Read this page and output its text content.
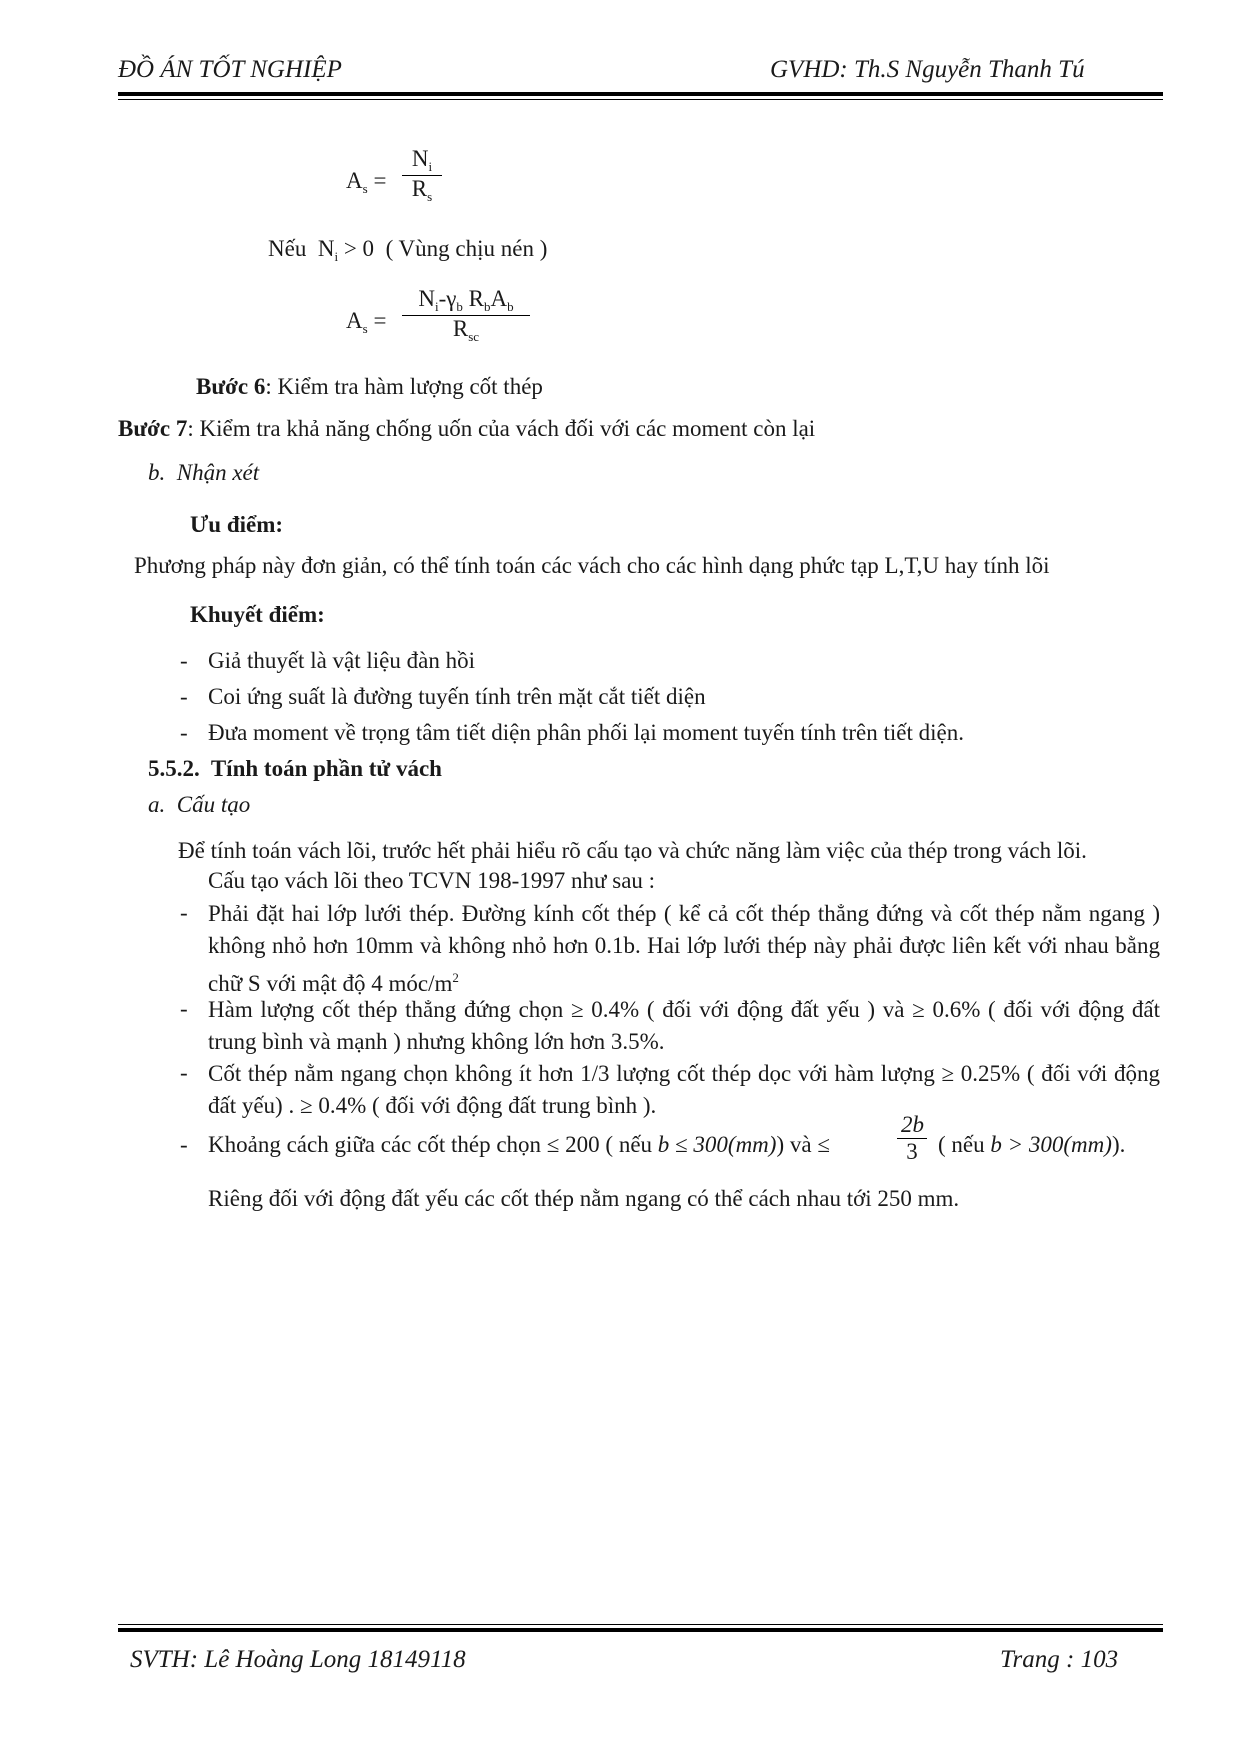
ĐỒ ÁN TỐT NGHIỆP	GVHD: Th.S Nguyễn Thanh Tú
$A_s$ =
$N_i$
$R_s$
Nếu $N_i > 0$ ( Vùng chịu nén )
$A_s$ =
$N_i-\gamma_b$ $R_bA_b$
$R_{sc}$
Bước 6: Kiểm tra hàm lượng cốt thép
Bước 7: Kiểm tra khả năng chống uốn của vách đối với các moment còn lại
b. Nhận xét
Ưu điểm:
Phương pháp này đơn giản, có thể tính toán các vách cho các hình dạng phức tạp L,T,U hay tính lõi
Khuyết điểm:
- Giả thuyết là vật liệu đàn hồi
- Coi ứng suất là đường tuyến tính trên mặt cắt tiết diện
- Đưa moment về trọng tâm tiết diện phân phối lại moment tuyến tính trên tiết diện.
5.5.2. Tính toán phần tử vách
a. Cấu tạo
Để tính toán vách lõi, trước hết phải hiểu rõ cấu tạo và chức năng làm việc của thép trong vách lõi.
Cấu tạo vách lõi theo TCVN 198-1997 như sau :
- Phải đặt hai lớp lưới thép. Đường kính cốt thép ( kể cả cốt thép thẳng đứng và cốt thép nằm ngang ) không nhỏ hơn 10mm và không nhỏ hơn 0.1b. Hai lớp lưới thép này phải được liên kết với nhau bằng chữ S với mật độ 4 móc/$m^2$
- Hàm lượng cốt thép thẳng đứng chọn ≥ 0.4% ( đối với động đất yếu ) và ≥ 0.6% ( đối với động đất trung bình và mạnh ) nhưng không lớn hơn 3.5%.
- Cốt thép nằm ngang chọn không ít hơn 1/3 lượng cốt thép dọc với hàm lượng ≥ 0.25% ( đối với động đất yếu) . ≥ 0.4% ( đối với động đất trung bình ).
- Khoảng cách giữa các cốt thép chọn ≤ 200 ( nếu b ≤ 300(mm)) và ≤
2b
3 ( nếu b > 300(mm)).
Riêng đối với động đất yếu các cốt thép nằm ngang có thể cách nhau tới 250 mm.
SVTH: Lê Hoàng Long 18149118	Trang : 103
